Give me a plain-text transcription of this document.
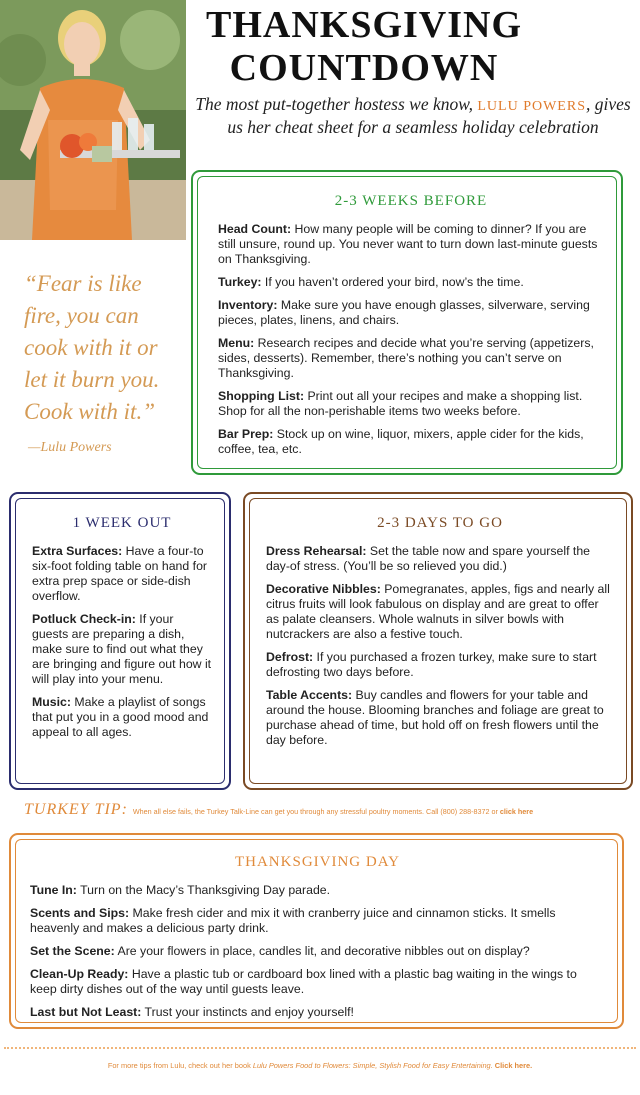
THANKSGIVING COUNTDOWN

The most put-together hostess we know, LULU POWERS, gives us her cheat sheet for a seamless holiday celebration

“Fear is like fire, you can cook with it or let it burn you. Cook with it.”
—Lulu Powers
2-3 WEEKS BEFORE
Head Count: How many people will be coming to dinner? If you are still unsure, round up. You never want to turn down last-minute guests on Thanksgiving.
Turkey: If you haven’t ordered your bird, now’s the time.
Inventory: Make sure you have enough glasses, silverware, serving pieces, plates, linens, and chairs.
Menu: Research recipes and decide what you’re serving (appetizers, sides, desserts). Remember, there’s nothing you can’t serve on Thanksgiving.
Shopping List: Print out all your recipes and make a shopping list. Shop for all the non-perishable items two weeks before.
Bar Prep: Stock up on wine, liquor, mixers, apple cider for the kids, coffee, tea, etc.
1 WEEK OUT
Extra Surfaces: Have a four-to six-foot folding table on hand for extra prep space or side-dish overflow.
Potluck Check-in: If your guests are preparing a dish, make sure to find out what they are bringing and figure out how it will play into your menu.
Music: Make a playlist of songs that put you in a good mood and appeal to all ages.
2-3 DAYS TO GO
Dress Rehearsal: Set the table now and spare yourself the day-of stress. (You’ll be so relieved you did.)
Decorative Nibbles: Pomegranates, apples, figs and nearly all citrus fruits will look fabulous on display and are great to offer as palate cleansers. Whole walnuts in silver bowls with nutcrackers are also a festive touch.
Defrost: If you purchased a frozen turkey, make sure to start defrosting two days before.
Table Accents: Buy candles and flowers for your table and around the house. Blooming branches and foliage are great to purchase ahead of time, but hold off on fresh flowers until the day before.
TURKEY TIP: When all else fails, the Turkey Talk-Line can get you through any stressful poultry moments. Call (800) 288-8372 or click here
THANKSGIVING DAY
Tune In: Turn on the Macy’s Thanksgiving Day parade.
Scents and Sips: Make fresh cider and mix it with cranberry juice and cinnamon sticks. It smells heavenly and makes a delicious party drink.
Set the Scene: Are your flowers in place, candles lit, and decorative nibbles out on display?
Clean-Up Ready: Have a plastic tub or cardboard box lined with a plastic bag waiting in the wings to keep dirty dishes out of the way until guests leave.
Last but Not Least: Trust your instincts and enjoy yourself!
For more tips from Lulu, check out her book Lulu Powers Food to Flowers: Simple, Stylish Food for Easy Entertaining. Click here.
